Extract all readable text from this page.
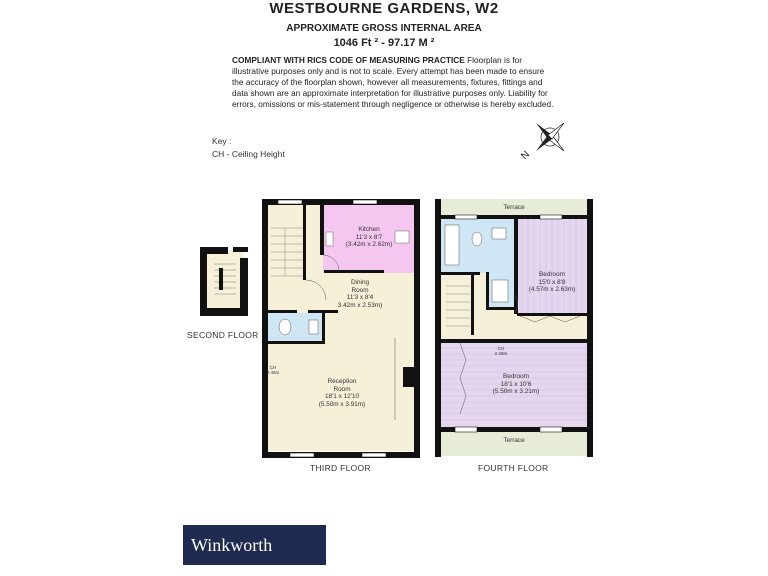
WESTBOURNE GARDENS, W2
APPROXIMATE GROSS INTERNAL AREA
1046 Ft ² - 97.17 M ²
COMPLIANT WITH RICS CODE OF MEASURING PRACTICE Floorplan is for illustrative purposes only and is not to scale. Every attempt has been made to ensure the accuracy of the floorplan shown, however all measurements, fixtures, fittings and data shown are an approximate interpretation for illustrative purposes only. Liability for errors, omissions or mis-statement through negligence or otherwise is hereby excluded.
Key :
CH - Ceiling Height
Kitchen
11'3 x 8'7
(3.42m x 2.62m)
Dining
Room
11'3 x 8'4
3.42m x 2.53m)
Reception
Room
18'1 x 12'10
(5.50m x 3.91m)
CH
2.46m
Bedroom
15'0 x 8'8
(4.57m x 2.63m)
Bedroom
18'1 x 10'6
(5.50m x 3.21m)
CH
2.28m
Terrace
Terrace
N
SECOND FLOOR
THIRD FLOOR	FOURTH FLOOR
Winkworth
